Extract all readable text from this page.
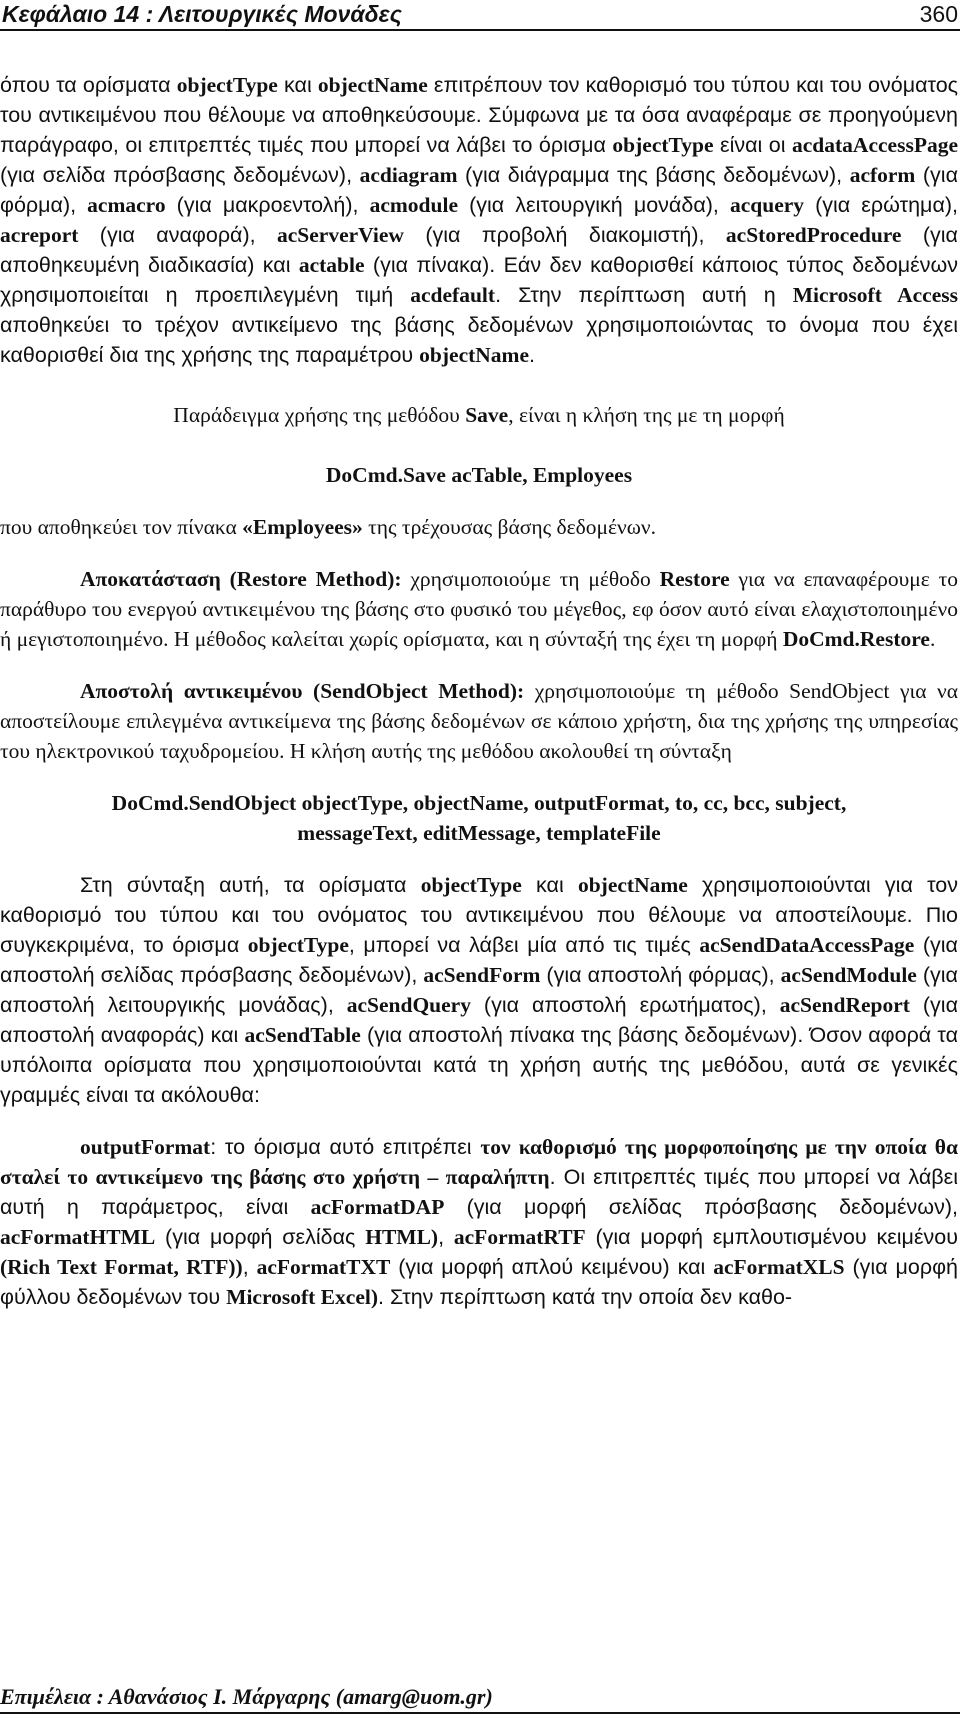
Κεφάλαιο 14 : Λειτουργικές Μονάδες	360

όπου τα ορίσματα objectType και objectName επιτρέπουν τον καθορισμό του τύπου και του ονόματος του αντικειμένου που θέλουμε να αποθηκεύσουμε. Σύμφωνα με τα όσα αναφέραμε σε προηγούμενη παράγραφο, οι επιτρεπτές τιμές που μπορεί να λάβει το όρισμα objectType είναι οι acdataAccessPage (για σελίδα πρόσβασης δεδομένων), acdiagram (για διάγραμμα της βάσης δεδομένων), acform (για φόρμα), acmacro (για μακροεντολή), acmodule (για λειτουργική μονάδα), acquery (για ερώτημα), acreport (για αναφορά), acServerView (για προβολή διακομιστή), acStoredProcedure (για αποθηκευμένη διαδικασία) και actable (για πίνακα). Εάν δεν καθορισθεί κάποιος τύπος δεδομένων χρησιμοποιείται η προεπιλεγμένη τιμή acdefault. Στην περίπτωση αυτή η Microsoft Access αποθηκεύει το τρέχον αντικείμενο της βάσης δεδομένων χρησιμοποιώντας το όνομα που έχει καθορισθεί δια της χρήσης της παραμέτρου objectName.

Παράδειγμα χρήσης της μεθόδου Save, είναι η κλήση της με τη μορφή

DoCmd.Save acTable, Employees

που αποθηκεύει τον πίνακα «Employees» της τρέχουσας βάσης δεδομένων.

Αποκατάσταση (Restore Method): χρησιμοποιούμε τη μέθοδο Restore για να επαναφέρουμε το παράθυρο του ενεργού αντικειμένου της βάσης στο φυσικό του μέγεθος, εφ όσον αυτό είναι ελαχιστοποιημένο ή μεγιστοποιημένο. Η μέθοδος καλείται χωρίς ορίσματα, και η σύνταξή της έχει τη μορφή DoCmd.Restore.

Αποστολή αντικειμένου (SendObject Method): χρησιμοποιούμε τη μέθοδο SendObject για να αποστείλουμε επιλεγμένα αντικείμενα της βάσης δεδομένων σε κάποιο χρήστη, δια της χρήσης της υπηρεσίας του ηλεκτρονικού ταχυδρομείου. Η κλήση αυτής της μεθόδου ακολουθεί τη σύνταξη

DoCmd.SendObject objectType, objectName, outputFormat, to, cc, bcc, subject,

messageText, editMessage, templateFile

Στη σύνταξη αυτή, τα ορίσματα objectType και objectName χρησιμοποιούνται για τον καθορισμό του τύπου και του ονόματος του αντικειμένου που θέλουμε να αποστείλουμε. Πιο συγκεκριμένα, το όρισμα objectType, μπορεί να λάβει μία από τις τιμές acSendDataAccessPage (για αποστολή σελίδας πρόσβασης δεδομένων), acSendForm (για αποστολή φόρμας), acSendModule (για αποστολή λειτουργικής μονάδας), acSendQuery (για αποστολή ερωτήματος), acSendReport (για αποστολή αναφοράς) και acSendTable (για αποστολή πίνακα της βάσης δεδομένων). Όσον αφορά τα υπόλοιπα ορίσματα που χρησιμοποιούνται κατά τη χρήση αυτής της μεθόδου, αυτά σε γενικές γραμμές είναι τα ακόλουθα:

outputFormat: το όρισμα αυτό επιτρέπει τον καθορισμό της μορφοποίησης με την οποία θα σταλεί το αντικείμενο της βάσης στο χρήστη – παραλήπτη. Οι επιτρεπτές τιμές που μπορεί να λάβει αυτή η παράμετρος, είναι acFormatDAP (για μορφή σελίδας πρόσβασης δεδομένων), acFormatHTML (για μορφή σελίδας HTML), acFormatRTF (για μορφή εμπλουτισμένου κειμένου (Rich Text Format, RTF)), acFormatTXT (για μορφή απλού κειμένου) και acFormatXLS (για μορφή φύλλου δεδομένων του Microsoft Excel). Στην περίπτωση κατά την οποία δεν καθο-

Επιμέλεια : Αθανάσιος Ι. Μάργαρης (amarg@uom.gr)
